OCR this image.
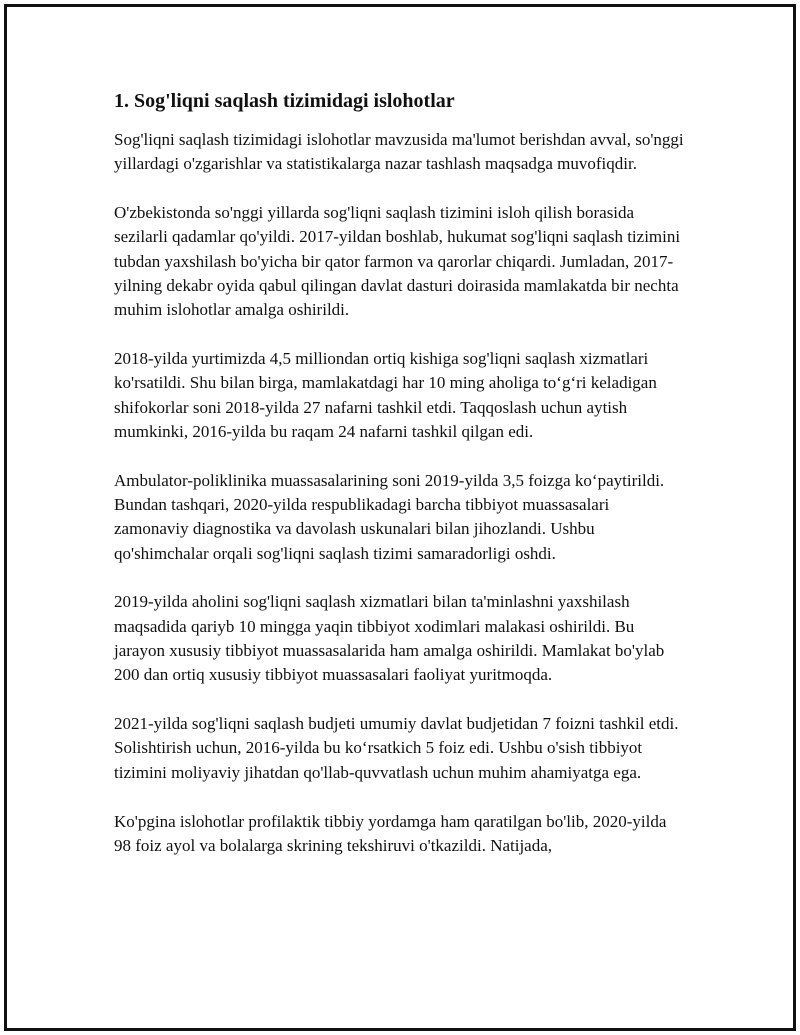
1. Sog'liqni saqlash tizimidagi islohotlar

Sog'liqni saqlash tizimidagi islohotlar mavzusida ma'lumot berishdan avval, so'nggi yillardagi o'zgarishlar va statistikalarga nazar tashlash maqsadga muvofiqdir.

O'zbekistonda so'nggi yillarda sog'liqni saqlash tizimini isloh qilish borasida sezilarli qadamlar qo'yildi. 2017-yildan boshlab, hukumat sog'liqni saqlash tizimini tubdan yaxshilash bo'yicha bir qator farmon va qarorlar chiqardi. Jumladan, 2017-yilning dekabr oyida qabul qilingan davlat dasturi doirasida mamlakatda bir nechta muhim islohotlar amalga oshirildi.

2018-yilda yurtimizda 4,5 milliondan ortiq kishiga sog'liqni saqlash xizmatlari ko'rsatildi. Shu bilan birga, mamlakatdagi har 10 ming aholiga to‘g‘ri keladigan shifokorlar soni 2018-yilda 27 nafarni tashkil etdi. Taqqoslash uchun aytish mumkinki, 2016-yilda bu raqam 24 nafarni tashkil qilgan edi.

Ambulator-poliklinika muassasalarining soni 2019-yilda 3,5 foizga ko‘paytirildi. Bundan tashqari, 2020-yilda respublikadagi barcha tibbiyot muassasalari zamonaviy diagnostika va davolash uskunalari bilan jihozlandi. Ushbu qo'shimchalar orqali sog'liqni saqlash tizimi samaradorligi oshdi.

2019-yilda aholini sog'liqni saqlash xizmatlari bilan ta'minlashni yaxshilash maqsadida qariyb 10 mingga yaqin tibbiyot xodimlari malakasi oshirildi. Bu jarayon xususiy tibbiyot muassasalarida ham amalga oshirildi. Mamlakat bo'ylab 200 dan ortiq xususiy tibbiyot muassasalari faoliyat yuritmoqda.

2021-yilda sog'liqni saqlash budjeti umumiy davlat budjetidan 7 foizni tashkil etdi. Solishtirish uchun, 2016-yilda bu ko‘rsatkich 5 foiz edi. Ushbu o'sish tibbiyot tizimini moliyaviy jihatdan qo'llab-quvvatlash uchun muhim ahamiyatga ega.

Ko'pgina islohotlar profilaktik tibbiy yordamga ham qaratilgan bo'lib, 2020-yilda 98 foiz ayol va bolalarga skrining tekshiruvi o'tkazildi. Natijada,
